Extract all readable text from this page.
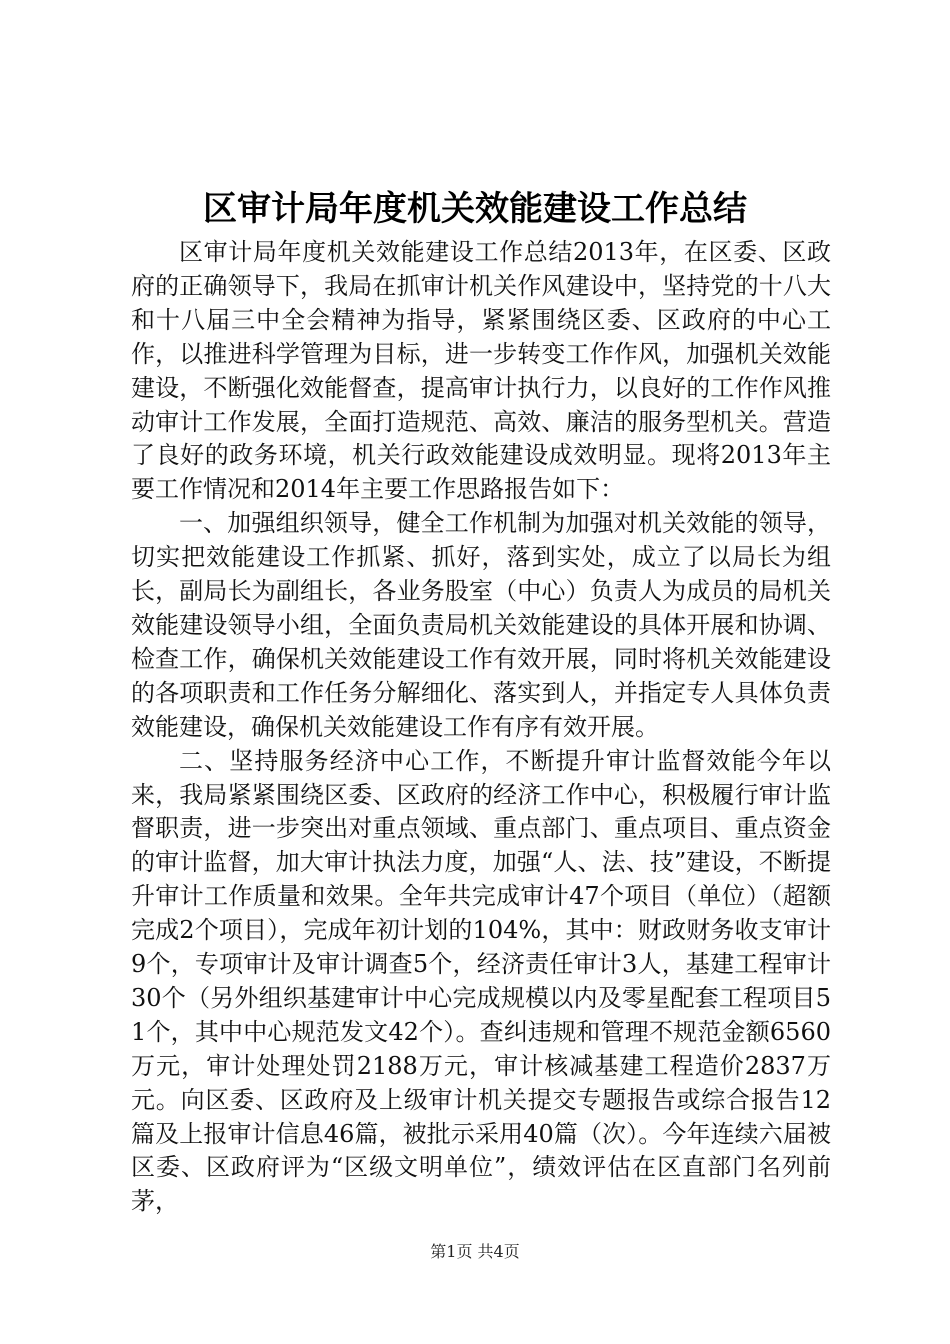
区审计局年度机关效能建设工作总结

区审计局年度机关效能建设工作总结2013年，在区委、区政府的正确领导下，我局在抓审计机关作风建设中，坚持党的十八大和十八届三中全会精神为指导，紧紧围绕区委、区政府的中心工作，以推进科学管理为目标，进一步转变工作作风，加强机关效能建设，不断强化效能督查，提高审计执行力，以良好的工作作风推动审计工作发展，全面打造规范、高效、廉洁的服务型机关。营造了良好的政务环境，机关行政效能建设成效明显。现将2013年主要工作情况和2014年主要工作思路报告如下：

一、加强组织领导，健全工作机制为加强对机关效能的领导，切实把效能建设工作抓紧、抓好，落到实处，成立了以局长为组长，副局长为副组长，各业务股室（中心）负责人为成员的局机关效能建设领导小组，全面负责局机关效能建设的具体开展和协调、检查工作，确保机关效能建设工作有效开展，同时将机关效能建设的各项职责和工作任务分解细化、落实到人，并指定专人具体负责效能建设，确保机关效能建设工作有序有效开展。

二、坚持服务经济中心工作，不断提升审计监督效能今年以来，我局紧紧围绕区委、区政府的经济工作中心，积极履行审计监督职责，进一步突出对重点领域、重点部门、重点项目、重点资金的审计监督，加大审计执法力度，加强“人、法、技”建设，不断提升审计工作质量和效果。全年共完成审计47个项目（单位）（超额完成2个项目），完成年初计划的104%，其中：财政财务收支审计9个，专项审计及审计调查5个，经济责任审计3人，基建工程审计30个（另外组织基建审计中心完成规模以内及零星配套工程项目51个，其中中心规范发文42个）。查纠违规和管理不规范金额6560万元，审计处理处罚2188万元，审计核减基建工程造价2837万元。向区委、区政府及上级审计机关提交专题报告或综合报告12篇及上报审计信息46篇，被批示采用40篇（次）。今年连续六届被区委、区政府评为“区级文明单位”，绩效评估在区直部门名列前茅，

第1页 共4页
